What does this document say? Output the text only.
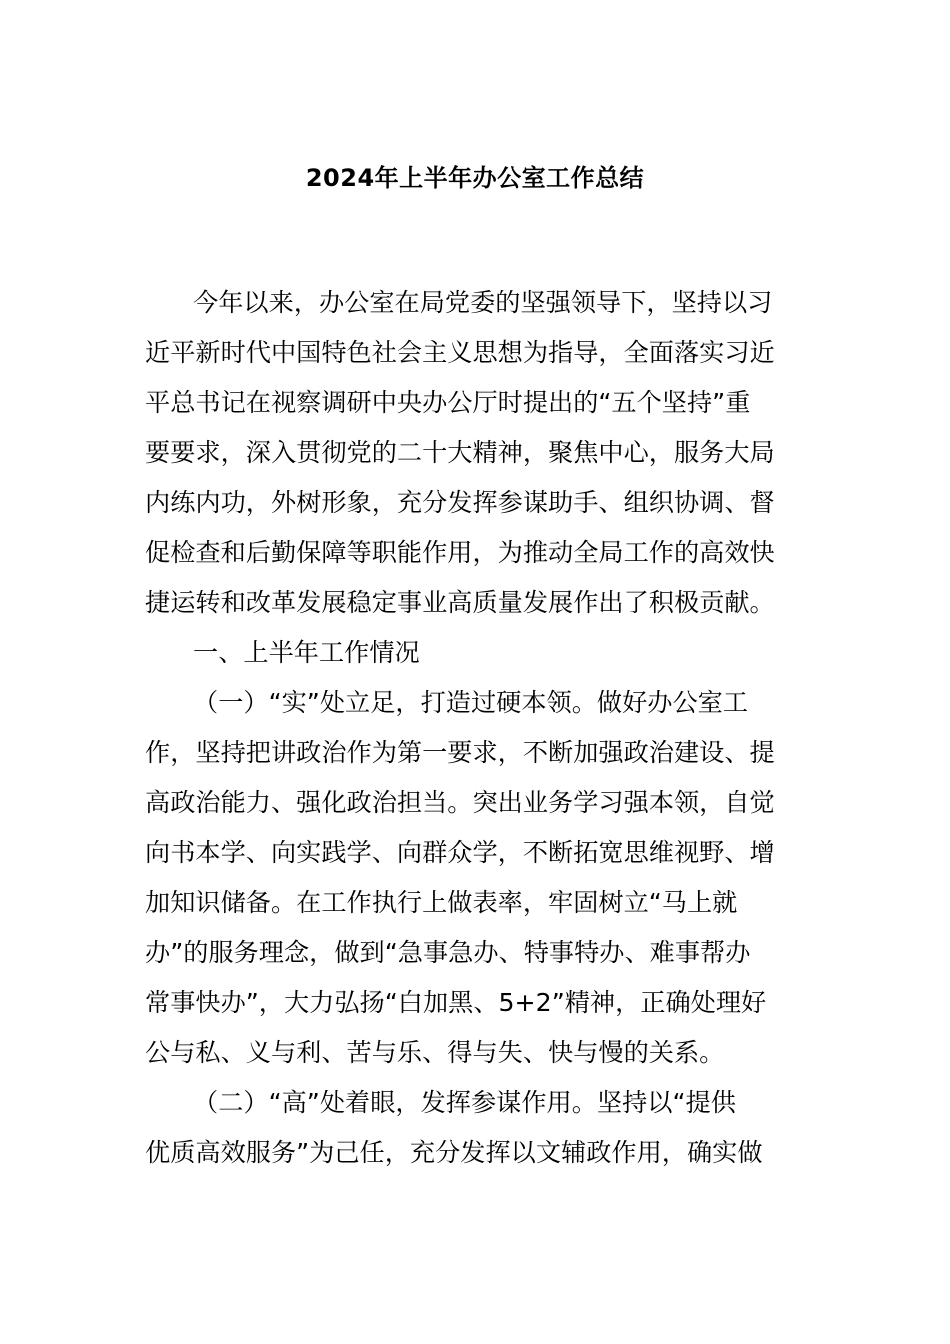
2024年上半年办公室工作总结
今年以来，办公室在局党委的坚强领导下，坚持以习
近平新时代中国特色社会主义思想为指导，全面落实习近
平总书记在视察调研中央办公厅时提出的“五个坚持”重
要要求，深入贯彻党的二十大精神，聚焦中心，服务大局
内练内功，外树形象，充分发挥参谋助手、组织协调、督
促检查和后勤保障等职能作用，为推动全局工作的高效快
捷运转和改革发展稳定事业高质量发展作出了积极贡献。
一、上半年工作情况
（一）“实”处立足，打造过硬本领。做好办公室工
作，坚持把讲政治作为第一要求，不断加强政治建设、提
高政治能力、强化政治担当。突出业务学习强本领，自觉
向书本学、向实践学、向群众学，不断拓宽思维视野、增
加知识储备。在工作执行上做表率，牢固树立“马上就
办”的服务理念，做到“急事急办、特事特办、难事帮办
常事快办”，大力弘扬“白加黑、5+2”精神，正确处理好
公与私、义与利、苦与乐、得与失、快与慢的关系。
（二）“高”处着眼，发挥参谋作用。坚持以“提供
优质高效服务”为己任，充分发挥以文辅政作用，确实做
